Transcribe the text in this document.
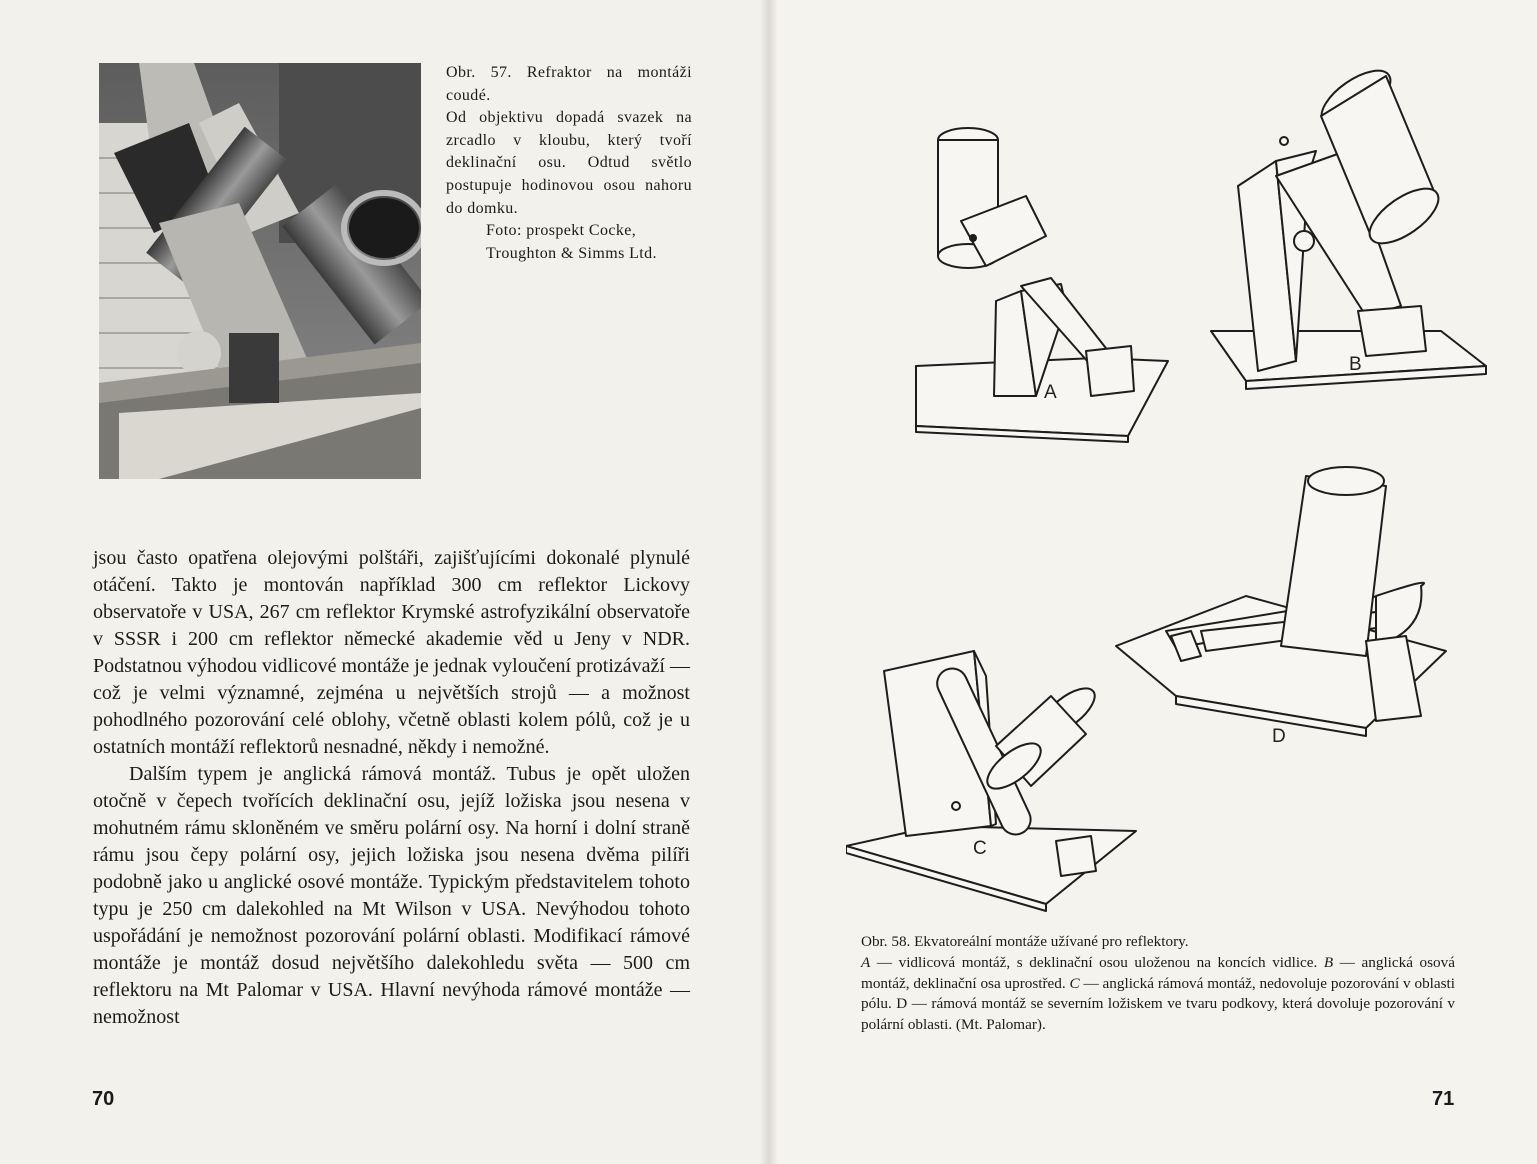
Obr. 57. Refraktor na montáži coudé.
Od objektivu dopadá svazek na zrcadlo v kloubu, který tvoří deklinační osu. Odtud světlo postupuje hodinovou osou nahoru do domku.
Foto: prospekt Cocke,
Troughton & Simms Ltd.

jsou často opatřena olejovými polštáři, zajišťujícími dokonalé plynulé otáčení. Takto je montován například 300 cm reflektor Lickovy observatoře v USA, 267 cm reflektor Krymské astrofyzikální observatoře v SSSR i 200 cm reflektor německé akademie věd u Jeny v NDR. Podstatnou výhodou vidlicové montáže je jednak vyloučení protizávaží — což je velmi významné, zejména u největších strojů — a možnost pohodlného pozorování celé oblohy, včetně oblasti kolem pólů, což je u ostatních montáží reflektorů nesnadné, někdy i nemožné.

Dalším typem je anglická rámová montáž. Tubus je opět uložen otočně v čepech tvořících deklinační osu, jejíž ložiska jsou nesena v mohutném rámu skloněném ve směru polární osy. Na horní i dolní straně rámu jsou čepy polární osy, jejich ložiska jsou nesena dvěma pilíři podobně jako u anglické osové montáže. Typickým představitelem tohoto typu je 250 cm dalekohled na Mt Wilson v USA. Nevýhodou tohoto uspořádání je nemožnost pozorování polární oblasti. Modifikací rámové montáže je montáž dosud největšího dalekohledu světa — 500 cm reflektoru na Mt Palomar v USA. Hlavní nevýhoda rámové montáže — nemožnost

70
A
B
C
D

Obr. 58. Ekvatoreální montáže užívané pro reflektory.
A — vidlicová montáž, s deklinační osou uloženou na koncích vidlice. B — anglická osová montáž, deklinační osa uprostřed. C — anglická rámová montáž, nedovoluje pozorování v oblasti pólu. D — rámová montáž se severním ložiskem ve tvaru podkovy, která dovoluje pozorování v polární oblasti. (Mt. Palomar).

71
